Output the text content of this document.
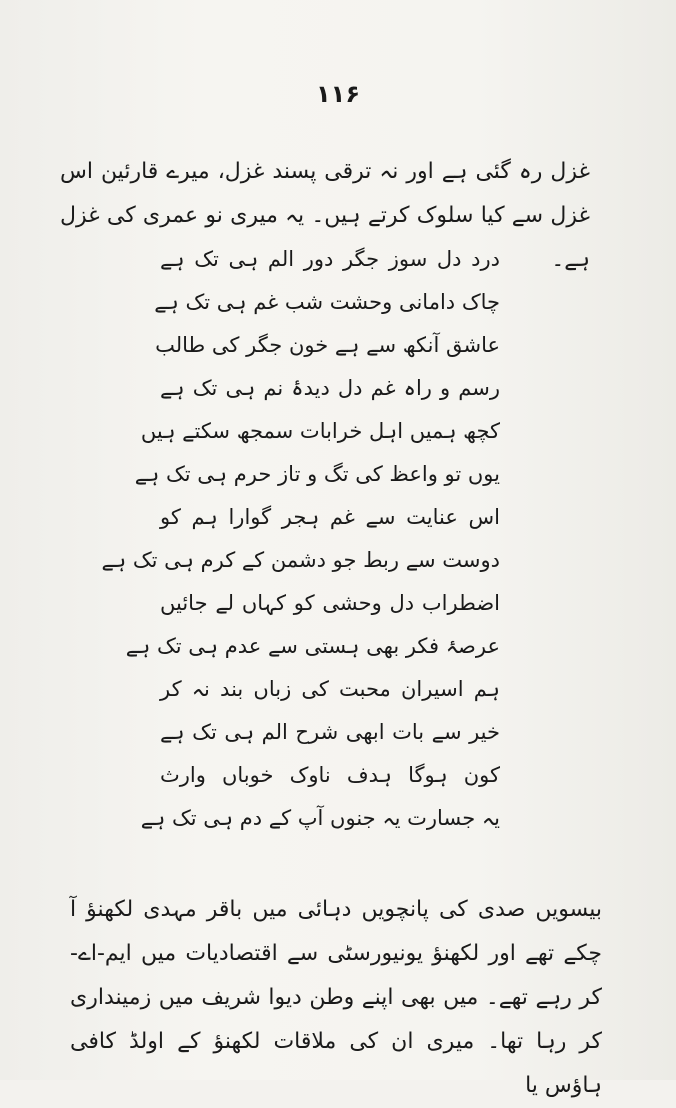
۱۱۶

غزل رہ گئی ہے اور نہ ترقی پسند غزل، میرے قارئین اس غزل سے کیا سلوک کرتے ہیں۔ یہ میری نو عمری کی غزل ہے۔

درد دل سوز جگر دور الم ہی تک ہے
چاک دامانی وحشت شب غم ہی تک ہے
عاشق آنکھ سے ہے خون جگر کی طالب
رسم و راہ غم دل دیدۂ نم ہی تک ہے
کچھ ہمیں اہل خرابات سمجھ سکتے ہیں
یوں تو واعظ کی تگ و تاز حرم ہی تک ہے
اس عنایت سے غم ہجر گوارا ہم کو
دوست سے ربط جو دشمن کے کرم ہی تک ہے
اضطراب دل وحشی کو کہاں لے جائیں
عرصۂ فکر بھی ہستی سے عدم ہی تک ہے
ہم اسیران محبت کی زباں بند نہ کر
خیر سے بات ابھی شرح الم ہی تک ہے
کون ہوگا ہدف ناوک خوباں وارث
یہ جسارت یہ جنوں آپ کے دم ہی تک ہے

بیسویں صدی کی پانچویں دہائی میں باقر مہدی لکھنؤ آ چکے تھے اور لکھنؤ یونیورسٹی سے اقتصادیات میں ایم-اے- کر رہے تھے۔ میں بھی اپنے وطن دیوا شریف میں زمینداری کر رہا تھا۔ میری ان کی ملاقات لکھنؤ کے اولڈ کافی ہاؤس یا
